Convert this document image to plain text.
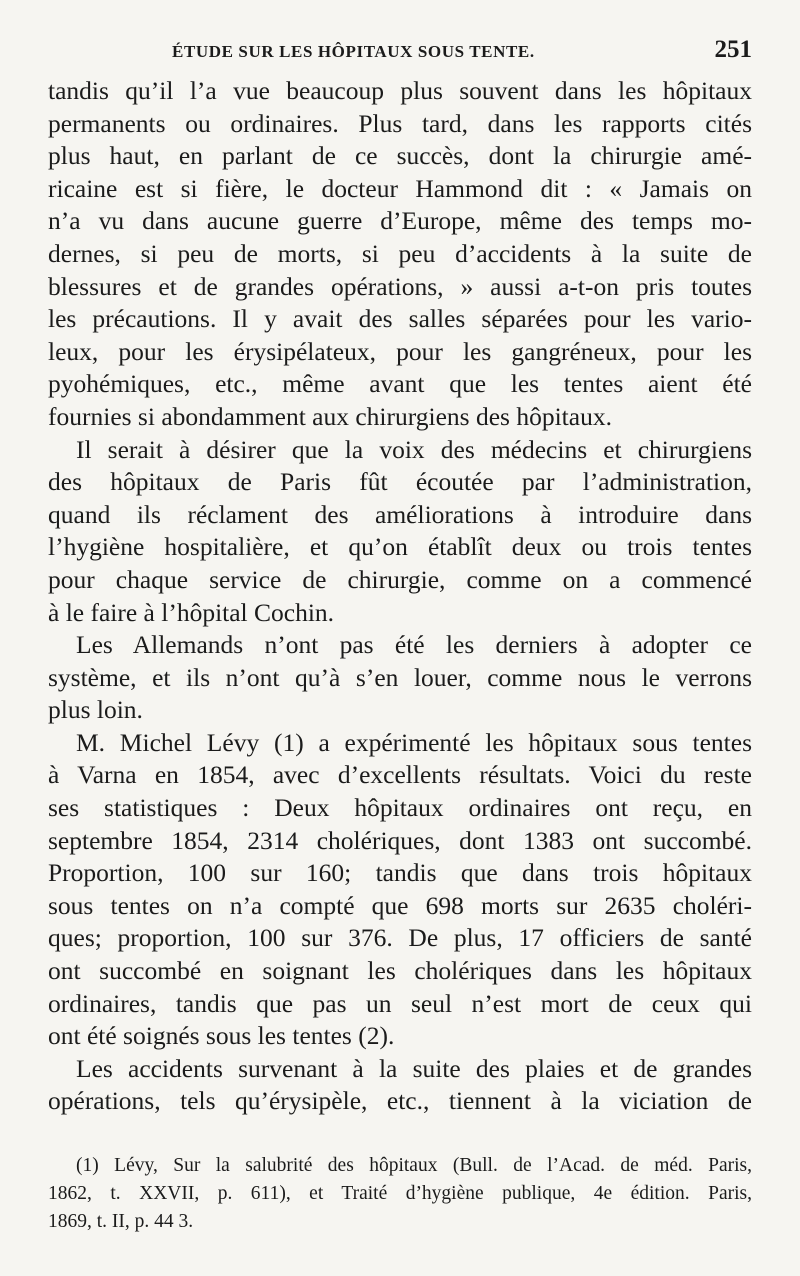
ÉTUDE SUR LES HÔPITAUX SOUS TENTE.	251

tandis qu’il l’a vue beaucoup plus souvent dans les hôpitaux
permanents ou ordinaires. Plus tard, dans les rapports cités
plus haut, en parlant de ce succès, dont la chirurgie amé-
ricaine est si fière, le docteur Hammond dit : « Jamais on
n’a vu dans aucune guerre d’Europe, même des temps mo-
dernes, si peu de morts, si peu d’accidents à la suite de
blessures et de grandes opérations, » aussi a-t-on pris toutes
les précautions. Il y avait des salles séparées pour les vario-
leux, pour les érysipélateux, pour les gangréneux, pour les
pyohémiques, etc., même avant que les tentes aient été
fournies si abondamment aux chirurgiens des hôpitaux.

Il serait à désirer que la voix des médecins et chirurgiens
des hôpitaux de Paris fût écoutée par l’administration,
quand ils réclament des améliorations à introduire dans
l’hygiène hospitalière, et qu’on établît deux ou trois tentes
pour chaque service de chirurgie, comme on a commencé
à le faire à l’hôpital Cochin.

Les Allemands n’ont pas été les derniers à adopter ce
système, et ils n’ont qu’à s’en louer, comme nous le verrons
plus loin.

M. Michel Lévy (1) a expérimenté les hôpitaux sous tentes
à Varna en 1854, avec d’excellents résultats. Voici du reste
ses statistiques : Deux hôpitaux ordinaires ont reçu, en
septembre 1854, 2314 cholériques, dont 1383 ont succombé.
Proportion, 100 sur 160; tandis que dans trois hôpitaux
sous tentes on n’a compté que 698 morts sur 2635 choléri-
ques; proportion, 100 sur 376. De plus, 17 officiers de santé
ont succombé en soignant les cholériques dans les hôpitaux
ordinaires, tandis que pas un seul n’est mort de ceux qui
ont été soignés sous les tentes (2).

Les accidents survenant à la suite des plaies et de grandes
opérations, tels qu’érysipèle, etc., tiennent à la viciation de

(1) Lévy, Sur la salubrité des hôpitaux (Bull. de l’Acad. de méd. Paris,
1862, t. XXVII, p. 611), et Traité d’hygiène publique, 4e édition. Paris,
1869, t. II, p. 44 3.
